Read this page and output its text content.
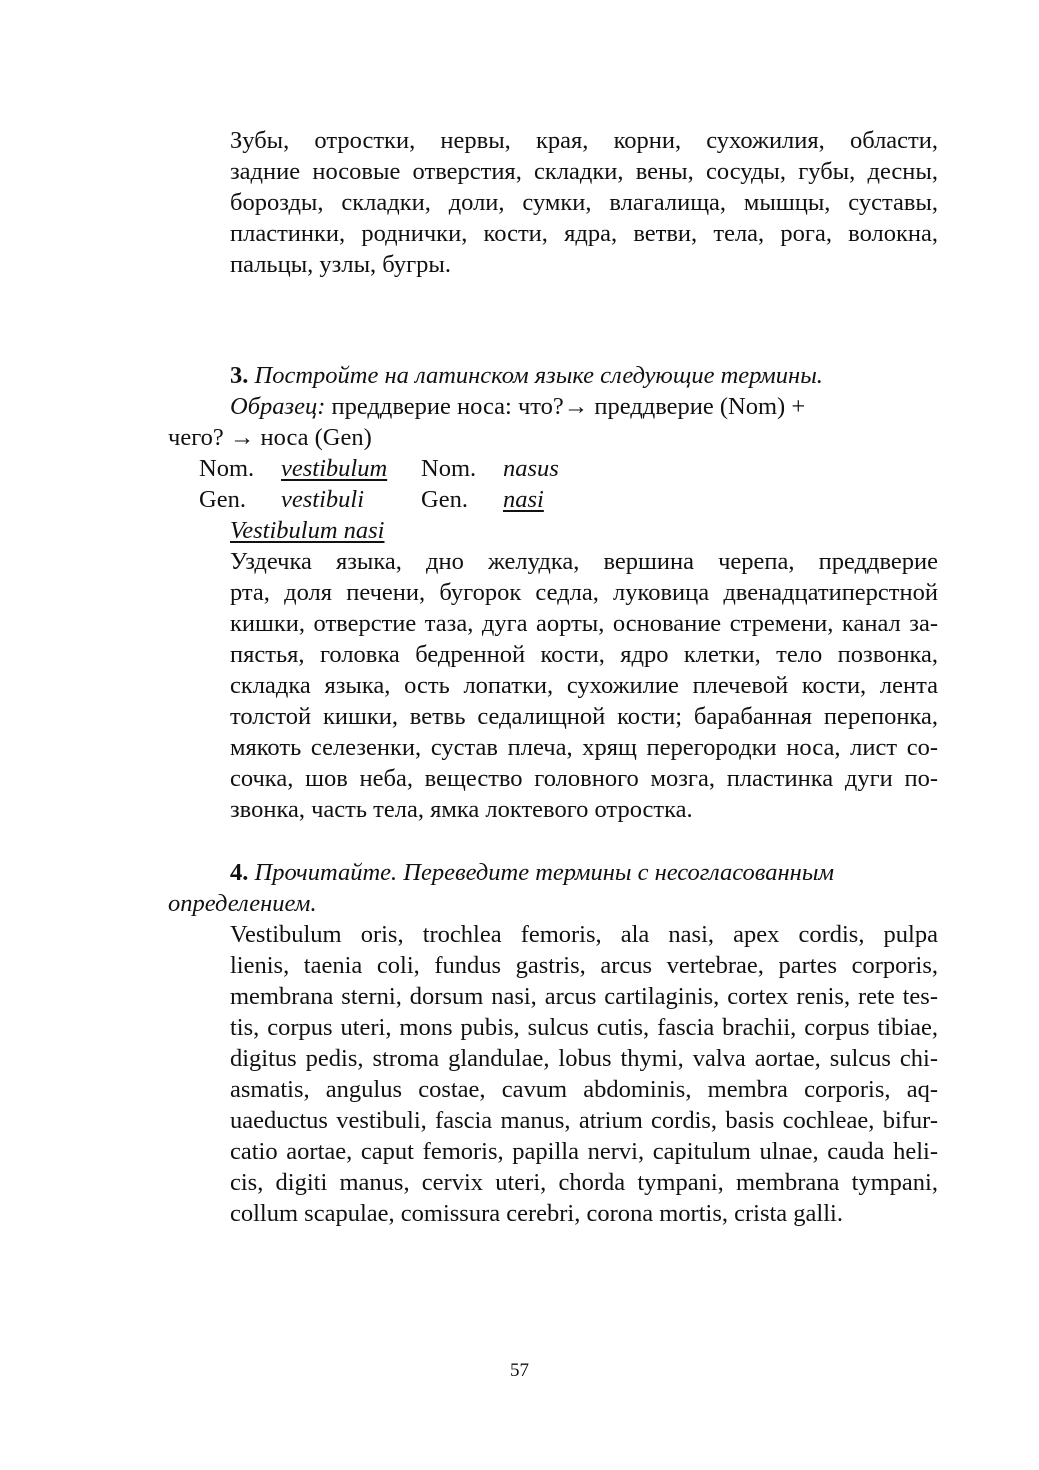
Зубы, отростки, нервы, края, корни, сухожилия, области,
задние носовые отверстия, складки, вены, сосуды, губы, десны,
борозды, складки, доли, сумки, влагалища, мышцы, суставы,
пластинки, роднички, кости, ядра, ветви, тела, рога, волокна,
пальцы, узлы, бугры.

3. Постройте на латинском языке следующие термины.

Образец: преддверие носа: что?→ преддверие (Nom) +

чего? → носа (Gen)

Nom.	vestibulum	Nom.	nasus
Gen.	vestibuli	Gen.	nasi
Vestibulum nasi
Уздечка языка, дно желудка, вершина черепа, преддверие
рта, доля печени, бугорок седла, луковица двенадцатиперстной
кишки, отверстие таза, дуга аорты, основание стремени, канал за-
пястья, головка бедренной кости, ядро клетки, тело позвонка,
складка языка, ость лопатки, сухожилие плечевой кости, лента
толстой кишки, ветвь седалищной кости; барабанная перепонка,
мякоть селезенки, сустав плеча, хрящ перегородки носа, лист со-
сочка, шов неба, вещество головного мозга, пластинка дуги по-
звонка, часть тела, ямка локтевого отростка.

4. Прочитайте. Переведите термины с несогласованным

определением.

Vestibulum oris, trochlea femoris, ala nasi, apex cordis, pulpa
lienis, taenia coli, fundus gastris, arcus vertebrae, partes corporis,
membrana sterni, dorsum nasi, arcus cartilaginis, cortex renis, rete tes-
tis, corpus uteri, mons pubis, sulcus cutis, fascia brachii, corpus tibiae,
digitus pedis, stroma glandulae, lobus thymi, valva aortae, sulcus chi-
asmatis, angulus costae, cavum abdominis, membra corporis, aq-
uaeductus vestibuli, fascia manus, atrium cordis, basis cochleae, bifur-
catio aortae, caput femoris, papilla nervi, capitulum ulnae, cauda heli-
cis, digiti manus, cervix uteri, chorda tympani, membrana tympani,
collum scapulae, comissura cerebri, corona mortis, crista galli.
57
